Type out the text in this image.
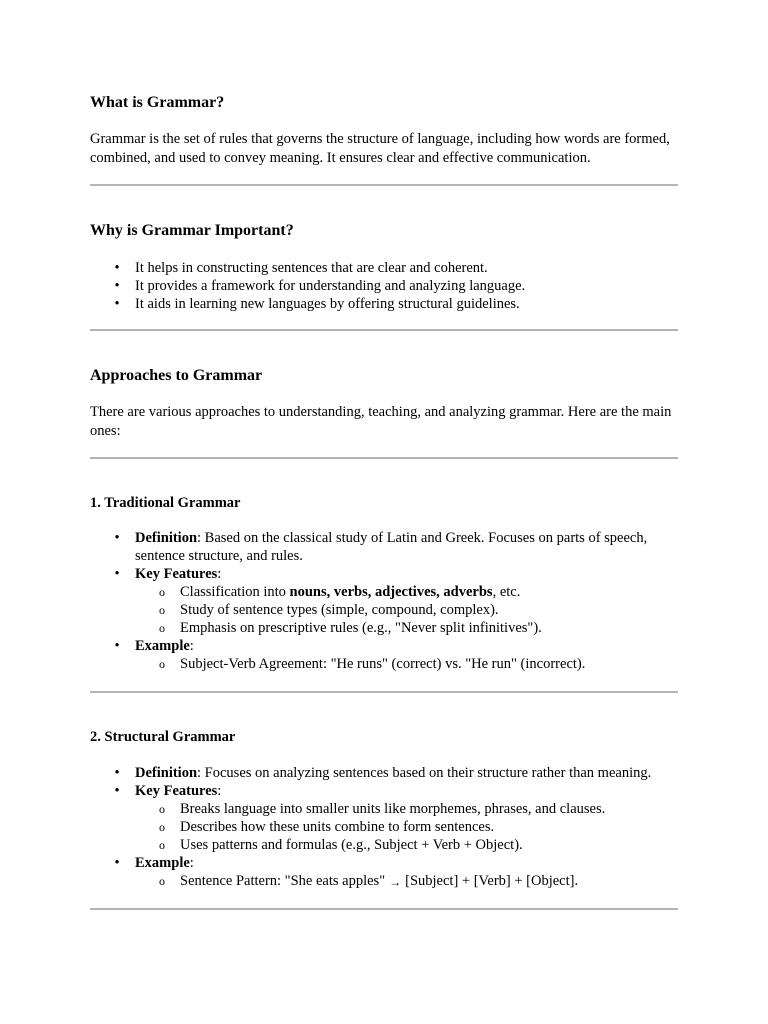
What is Grammar?

Grammar is the set of rules that governs the structure of language, including how words are formed, combined, and used to convey meaning. It ensures clear and effective communication.

Why is Grammar Important?
• It helps in constructing sentences that are clear and coherent.
• It provides a framework for understanding and analyzing language.
• It aids in learning new languages by offering structural guidelines.
Approaches to Grammar

There are various approaches to understanding, teaching, and analyzing grammar. Here are the main ones:

1. Traditional Grammar
• Definition: Based on the classical study of Latin and Greek. Focuses on parts of speech, sentence structure, and rules.
• Key Features:
o Classification into nouns, verbs, adjectives, adverbs, etc.
o Study of sentence types (simple, compound, complex).
o Emphasis on prescriptive rules (e.g., "Never split infinitives").
• Example:
o Subject-Verb Agreement: "He runs" (correct) vs. "He run" (incorrect).
2. Structural Grammar
• Definition: Focuses on analyzing sentences based on their structure rather than meaning.
• Key Features:
o Breaks language into smaller units like morphemes, phrases, and clauses.
o Describes how these units combine to form sentences.
o Uses patterns and formulas (e.g., Subject + Verb + Object).
• Example:
o Sentence Pattern: "She eats apples" → [Subject] + [Verb] + [Object].
